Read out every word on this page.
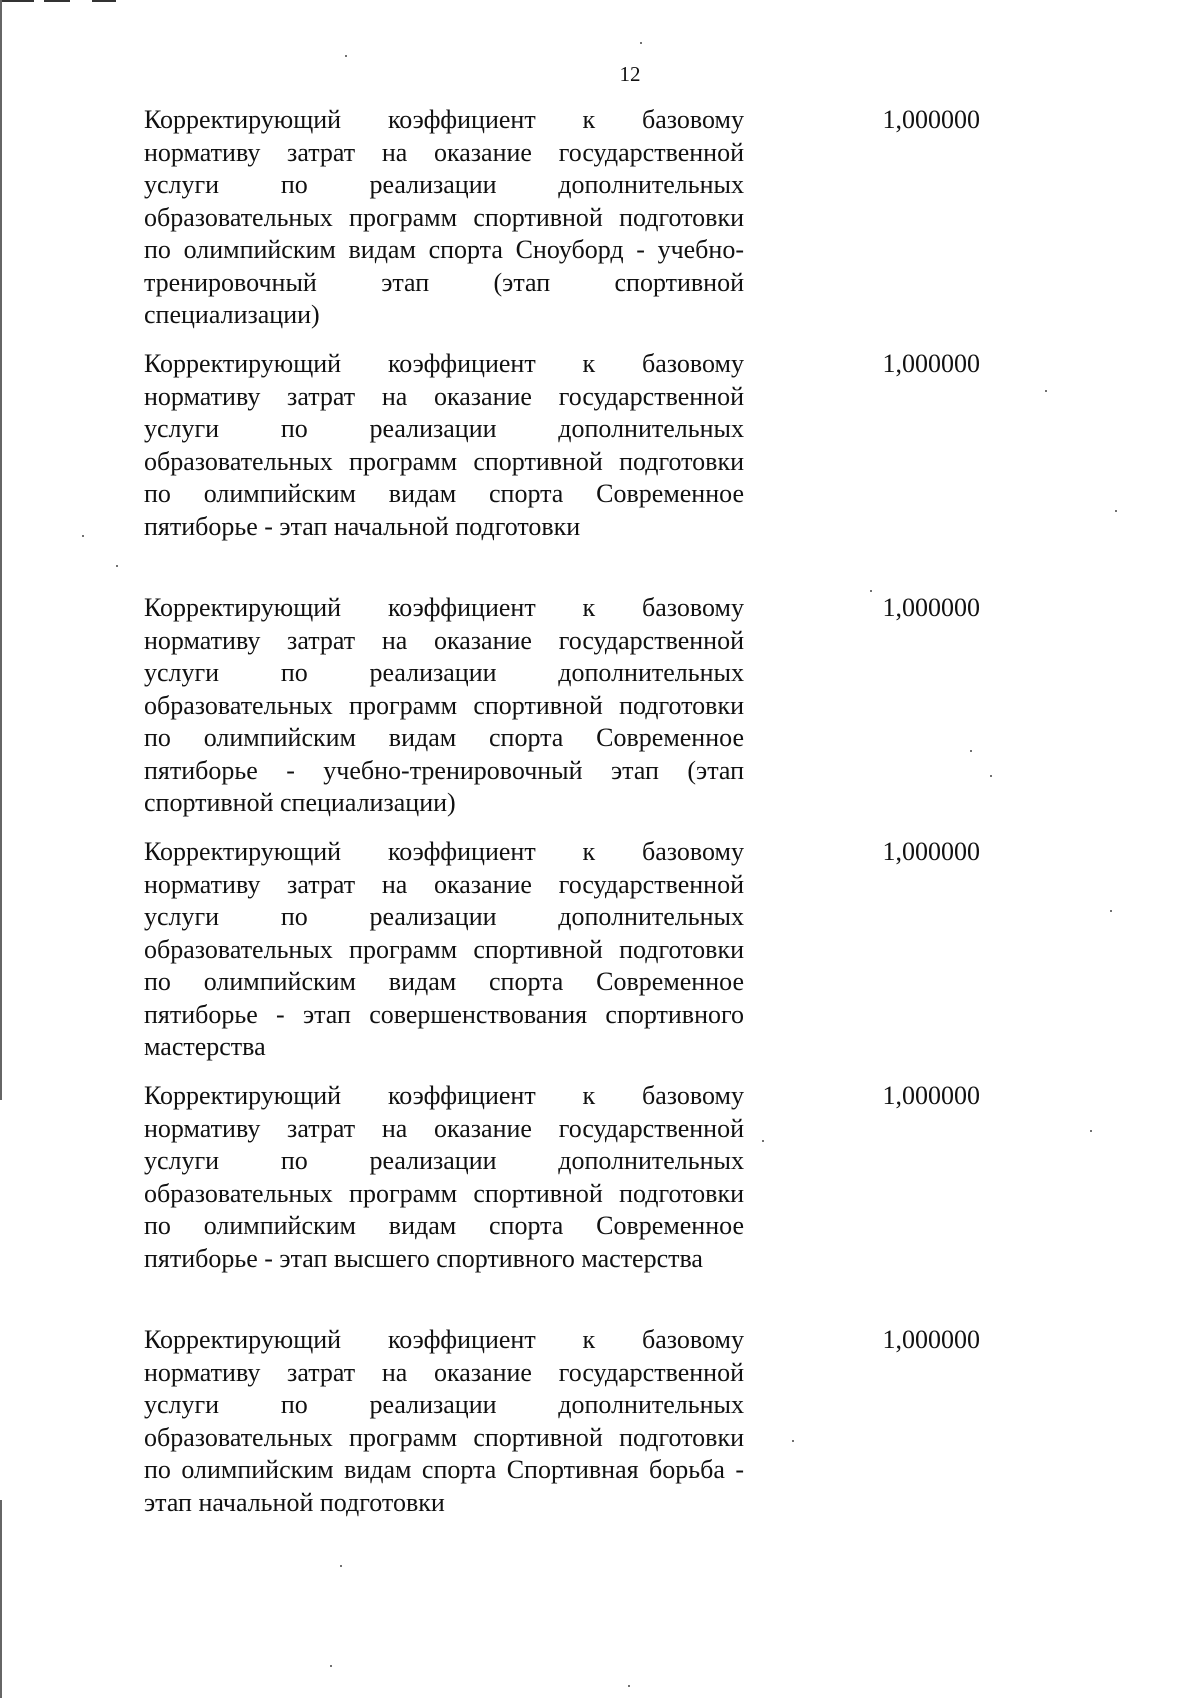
12

Корректирующий коэффициент к базовому нормативу затрат на оказание государственной услуги по реализации дополнительных образовательных программ спортивной подготовки по олимпийским видам спорта Сноуборд - учебно-тренировочный этап (этап спортивной специализации)

1,000000

Корректирующий коэффициент к базовому нормативу затрат на оказание государственной услуги по реализации дополнительных образовательных программ спортивной подготовки по олимпийским видам спорта Современное пятиборье - этап начальной подготовки

1,000000

Корректирующий коэффициент к базовому нормативу затрат на оказание государственной услуги по реализации дополнительных образовательных программ спортивной подготовки по олимпийским видам спорта Современное пятиборье - учебно-тренировочный этап (этап спортивной специализации)

1,000000

Корректирующий коэффициент к базовому нормативу затрат на оказание государственной услуги по реализации дополнительных образовательных программ спортивной подготовки по олимпийским видам спорта Современное пятиборье - этап совершенствования спортивного мастерства

1,000000

Корректирующий коэффициент к базовому нормативу затрат на оказание государственной услуги по реализации дополнительных образовательных программ спортивной подготовки по олимпийским видам спорта Современное пятиборье - этап высшего спортивного мастерства

1,000000

Корректирующий коэффициент к базовому нормативу затрат на оказание государственной услуги по реализации дополнительных образовательных программ спортивной подготовки по олимпийским видам спорта Спортивная борьба - этап начальной подготовки

1,000000
